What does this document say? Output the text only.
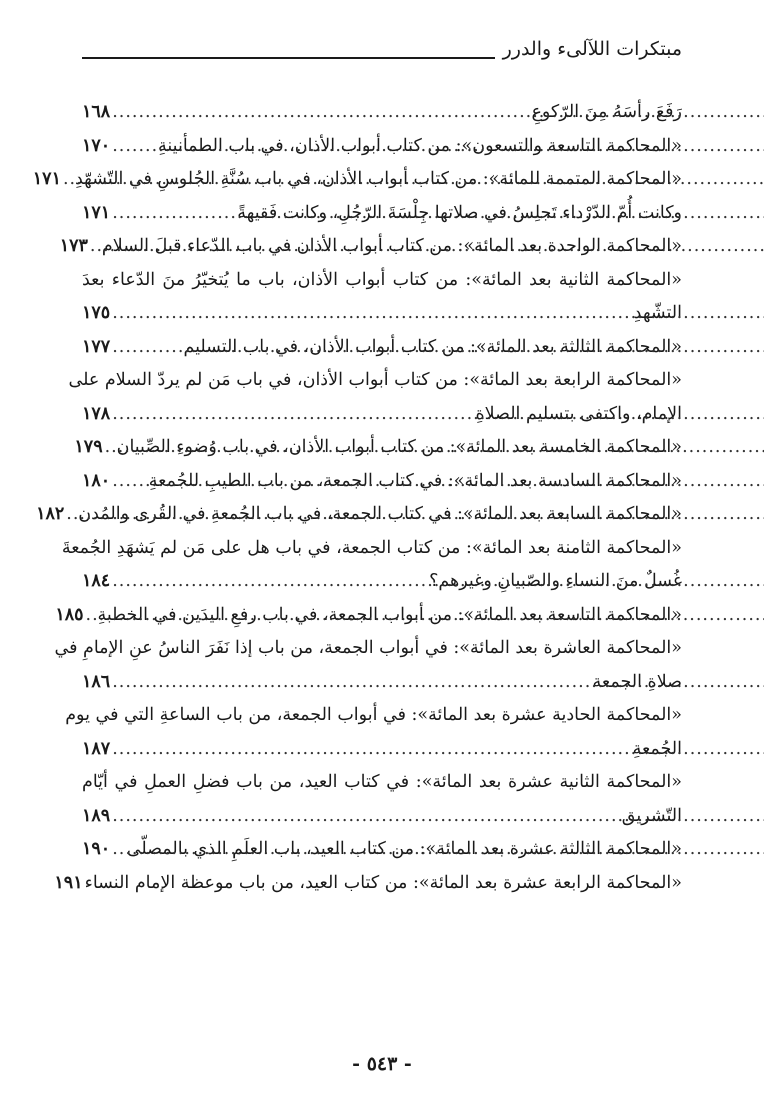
مبتكرات اللآلىء والدرر
رَفَعَ رأسَهُ مِنَ الرّكوعِ
.....
١٦٨
«المحاكمة التاسعة والتسعون»: من كتاب أبواب الأذان، في باب الطمأنينةِ
.....
١٧٠
«المحاكمة المتممة للمائة»: من كتاب أبواب الأذان، في باب سُنَّةِ الجُلوسِ في التّشهّدِ
.....
١٧١
وكانت أُمّ الدّرْداء تَجلِسُ في صلاتها جِلْسَةَ الرّجُلِ، وكانت فَقيهةً
.....
١٧١
«المحاكمة الواحدة بعد المائة»: من كتاب أبواب الأذان في باب الدّعاء قبلَ السلام
.....
١٧٣
«المحاكمة الثانية بعد المائة»: من كتاب أبواب الأذان، باب ما يُتخيّرُ منَ الدّعاء بعدَ
التشّهدِ
.....
١٧٥
«المحاكمة الثالثة بعد المائة»: من كتاب أبواب الأذان، في باب التسليم
.....
١٧٧
«المحاكمة الرابعة بعد المائة»: من كتاب أبواب الأذان، في باب مَن لم يردّ السلام على
الإمام، واكتفى بتسليم الصلاةِ
.....
١٧٨
«المحاكمة الخامسة بعد المائة»: من كتاب أبواب الأذان، في باب وُضوءِ الصِّبيان
.....
١٧٩
«المحاكمة السادسة بعد المائة»: في كتاب الجمعة، من باب الطيبِ للجُمعةِ
.....
١٨٠
«المحاكمة السابعة بعد المائة»: في كتاب الجمعة، في باب الجُمعةِ في القُرى والمُدن
.....
١٨٢
«المحاكمة الثامنة بعد المائة»: من كتاب الجمعة، في باب هل على مَن لم يَشهَدِ الجُمعةَ
غُسلٌ منَ النساءِ والصّبيانِ وغيرهم؟
.....
١٨٤
«المحاكمة التاسعة بعد المائة»: من أبواب الجمعة، في باب رفعِ اليدَين في الخطبةِ
.....
١٨٥
«المحاكمة العاشرة بعد المائة»: في أبواب الجمعة، من باب إذا نَفَرَ الناسُ عنِ الإمامِ في
صلاةِ الجمعة
.....
١٨٦
«المحاكمة الحادية عشرة بعد المائة»: في أبواب الجمعة، من باب الساعةِ التي في يوم
الجُمعةِ
.....
١٨٧
«المحاكمة الثانية عشرة بعد المائة»: في كتاب العيد، من باب فضلِ العملِ في أيّام
التّشريق
.....
١٨٩
«المحاكمة الثالثة عشرة بعد المائة»: من كتاب العيد، باب العلَمِ الذي بالمصلّى
.....
١٩٠
«المحاكمة الرابعة عشرة بعد المائة»: من كتاب العيد، من باب موعظة الإمام النساء
١٩١
- ٥٤٣ -
